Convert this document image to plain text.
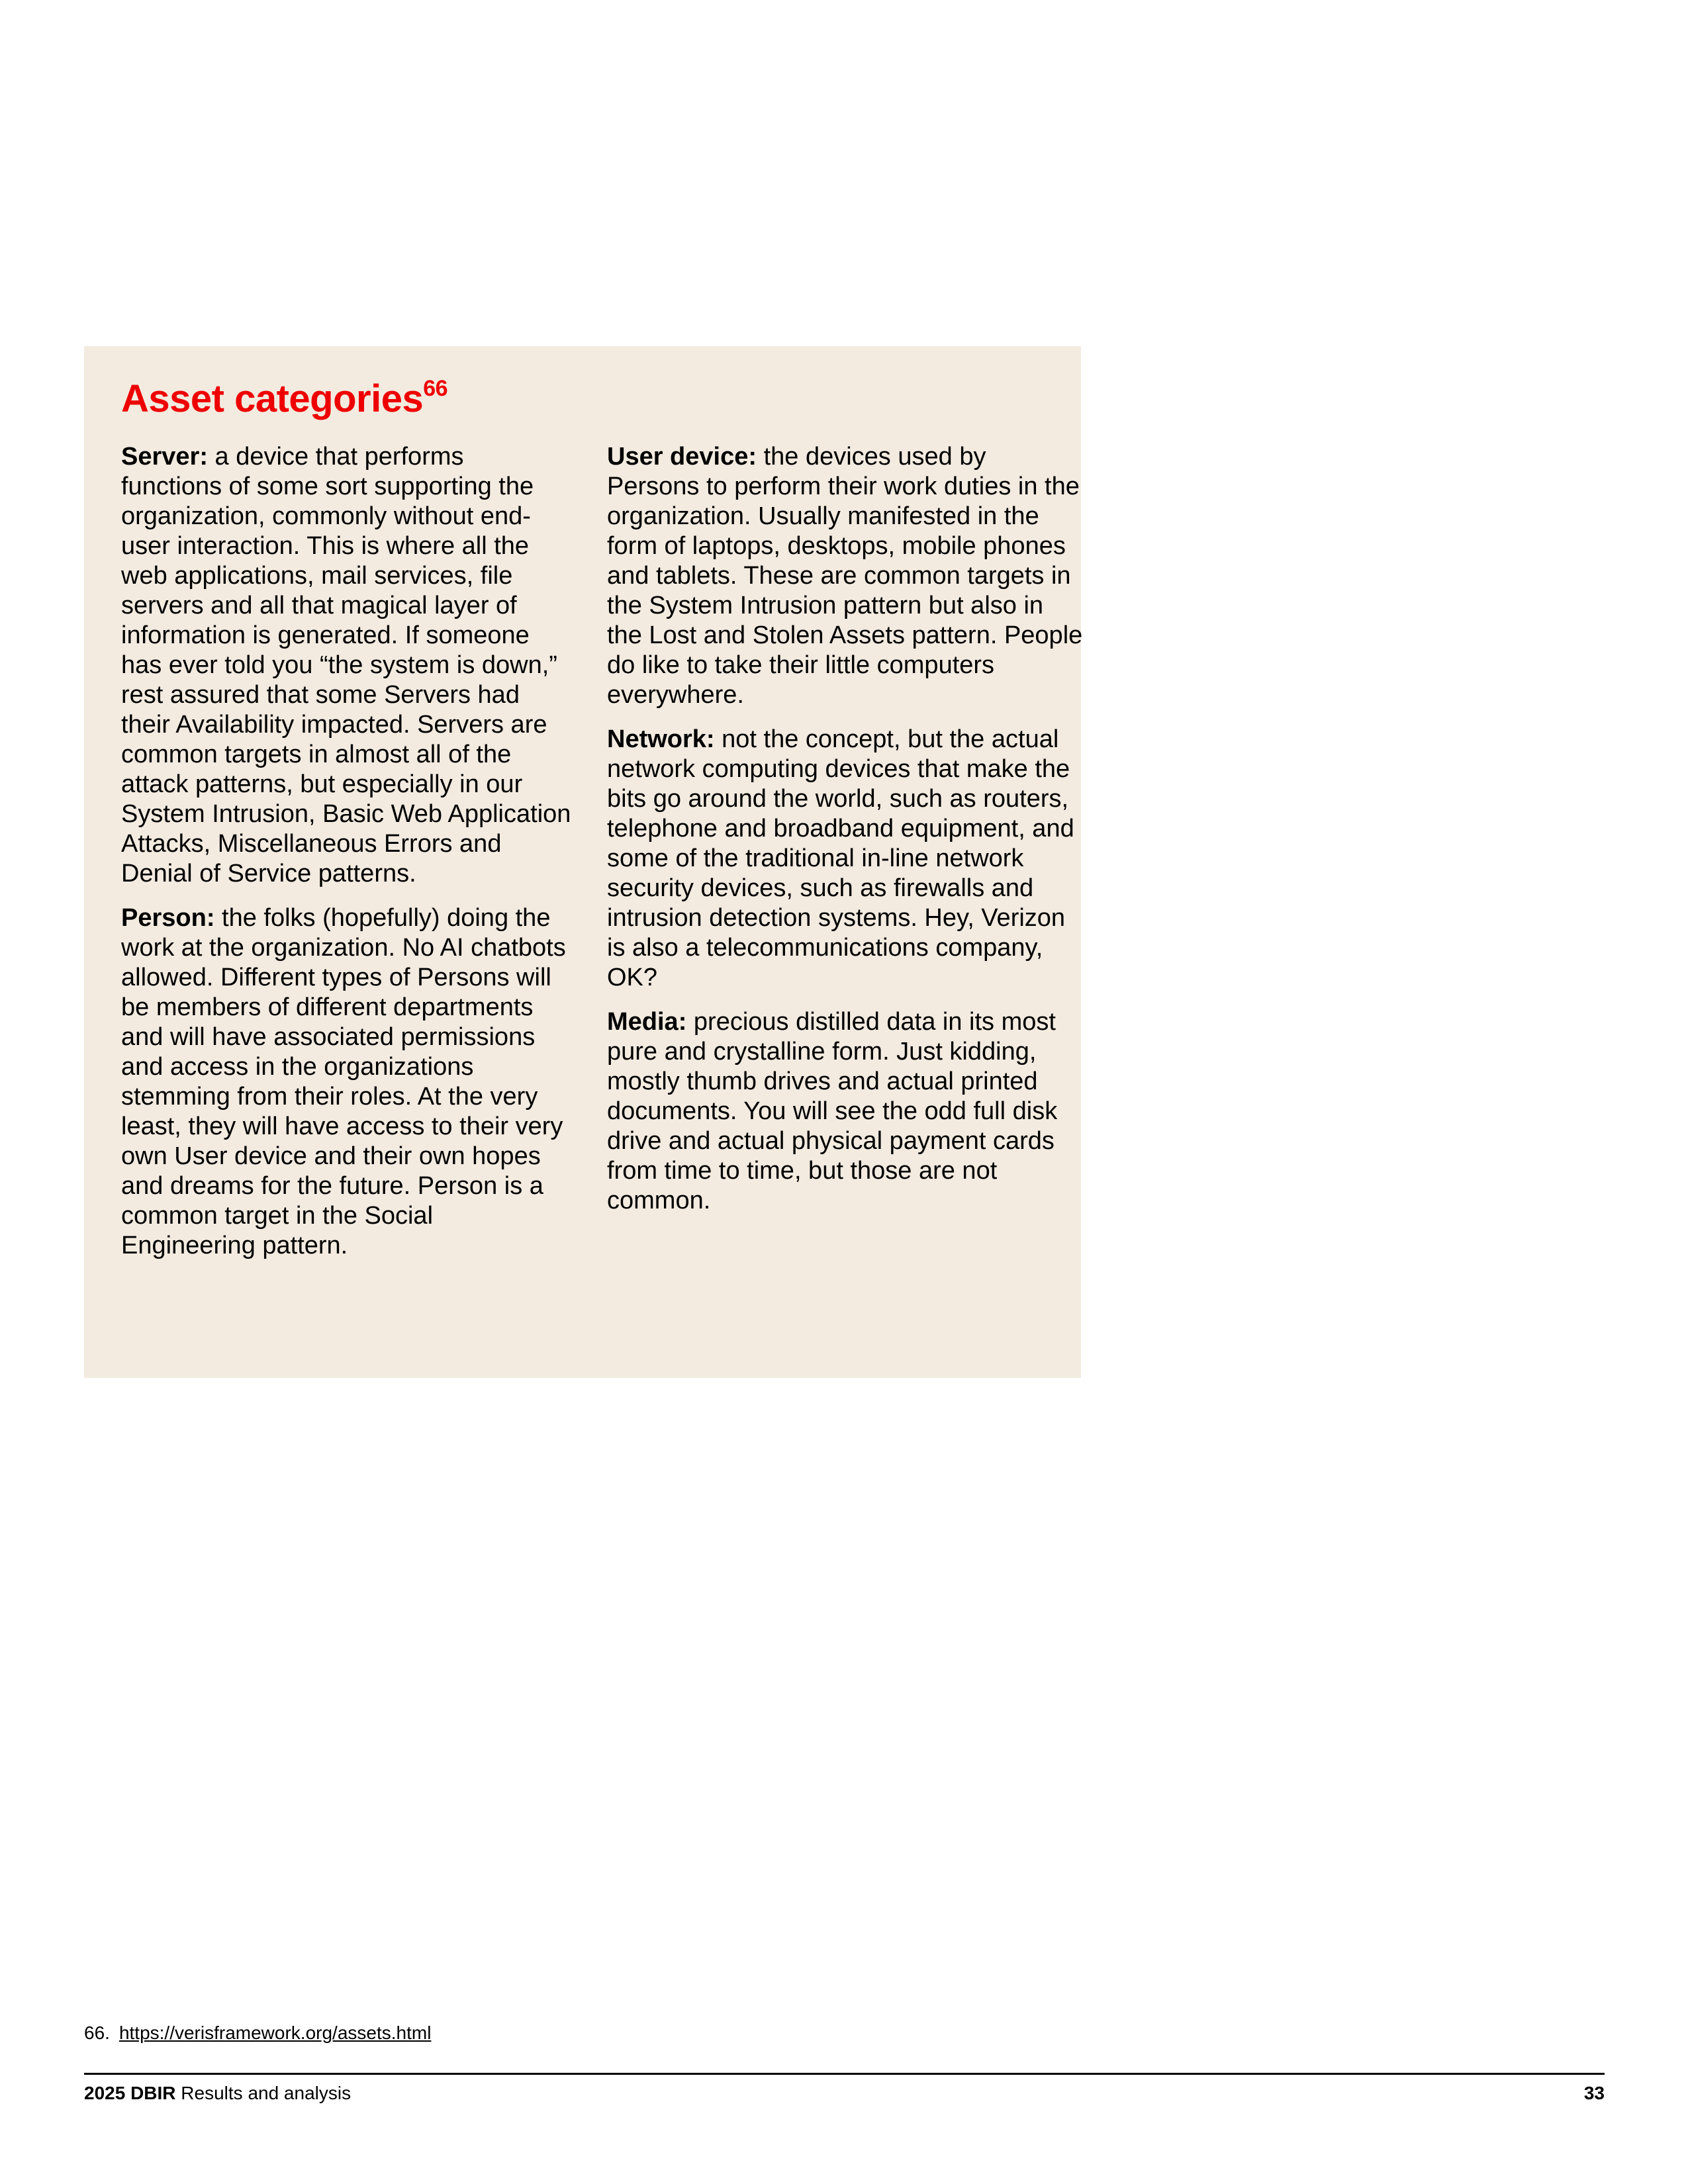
Asset categories$^{66}$

Server: a device that performs functions of some sort supporting the organization, commonly without end-user interaction. This is where all the web applications, mail services, file servers and all that magical layer of information is generated. If someone has ever told you “the system is down,” rest assured that some Servers had their Availability impacted. Servers are common targets in almost all of the attack patterns, but especially in our System Intrusion, Basic Web Application Attacks, Miscellaneous Errors and Denial of Service patterns.

Person: the folks (hopefully) doing the work at the organization. No AI chatbots allowed. Different types of Persons will be members of different departments and will have associated permissions and access in the organizations stemming from their roles. At the very least, they will have access to their very own User device and their own hopes and dreams for the future. Person is a common target in the Social Engineering pattern.

User device: the devices used by Persons to perform their work duties in the organization. Usually manifested in the form of laptops, desktops, mobile phones and tablets. These are common targets in the System Intrusion pattern but also in the Lost and Stolen Assets pattern. People do like to take their little computers everywhere.

Network: not the concept, but the actual network computing devices that make the bits go around the world, such as routers, telephone and broadband equipment, and some of the traditional in-line network security devices, such as firewalls and intrusion detection systems. Hey, Verizon is also a telecommunications company, OK?

Media: precious distilled data in its most pure and crystalline form. Just kidding, mostly thumb drives and actual printed documents. You will see the odd full disk drive and actual physical payment cards from time to time, but those are not common.

66. https://verisframework.org/assets.html
2025 DBIR Results and analysis	33
